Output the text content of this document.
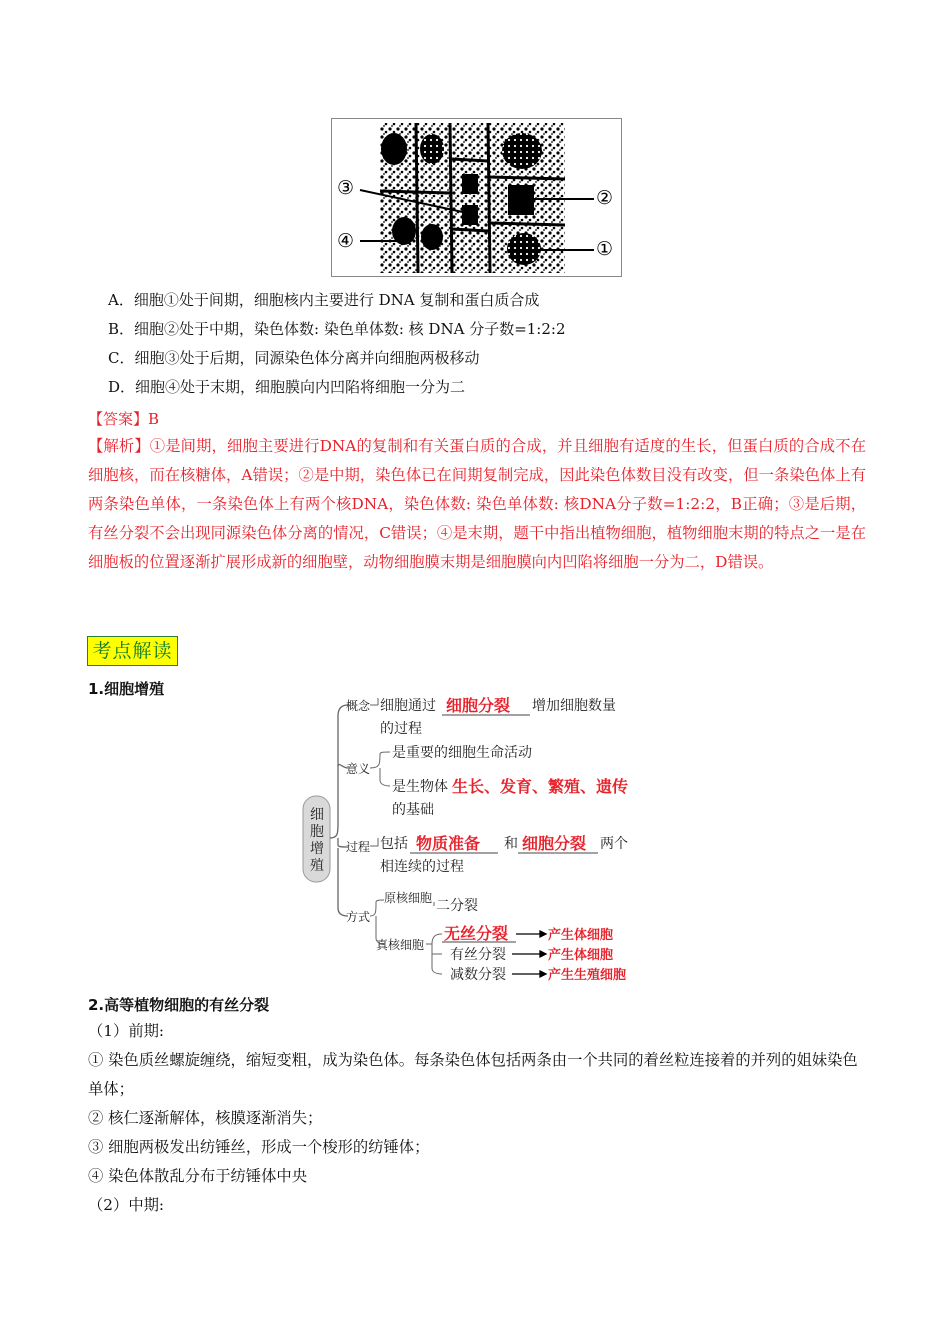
③
④
②
①
A．细胞①处于间期，细胞核内主要进行 DNA 复制和蛋白质合成
B．细胞②处于中期，染色体数: 染色单体数: 核 DNA 分子数=1:2:2
C．细胞③处于后期，同源染色体分离并向细胞两极移动
D．细胞④处于末期，细胞膜向内凹陷将细胞一分为二
【答案】B
【解析】①是间期，细胞主要进行DNA的复制和有关蛋白质的合成，并且细胞有适度的生长，但蛋白质的合成不在细胞核，而在核糖体，A错误；②是中期，染色体已在间期复制完成，因此染色体数目没有改变，但一条染色体上有两条染色单体，一条染色体上有两个核DNA，染色体数: 染色单体数: 核DNA分子数=1:2:2，B正确；③是后期，有丝分裂不会出现同源染色体分离的情况，C错误；④是末期，题干中指出植物细胞，植物细胞末期的特点之一是在细胞板的位置逐渐扩展形成新的细胞壁，动物细胞膜末期是细胞膜向内凹陷将细胞一分为二，D错误。
考点解读
1.细胞增殖
细
胞
增
殖
概念 细胞通过 细胞分裂 增加细胞数量
的过程
意义
是重要的细胞生命活动
是生物体 生长、发育、繁殖、遗传
的基础
过程 包括 物质准备 和 细胞分裂 两个
相连续的过程
方式
原核细胞 二分裂
真核细胞
无丝分裂
有丝分裂
减数分裂
产生体细胞
产生体细胞
产生生殖细胞
2.高等植物细胞的有丝分裂
（1）前期:
① 染色质丝螺旋缠绕，缩短变粗，成为染色体。每条染色体包括两条由一个共同的着丝粒连接着的并列的姐妹染色单体；
② 核仁逐渐解体，核膜逐渐消失；
③ 细胞两极发出纺锤丝，形成一个梭形的纺锤体；
④ 染色体散乱分布于纺锤体中央
（2）中期:
